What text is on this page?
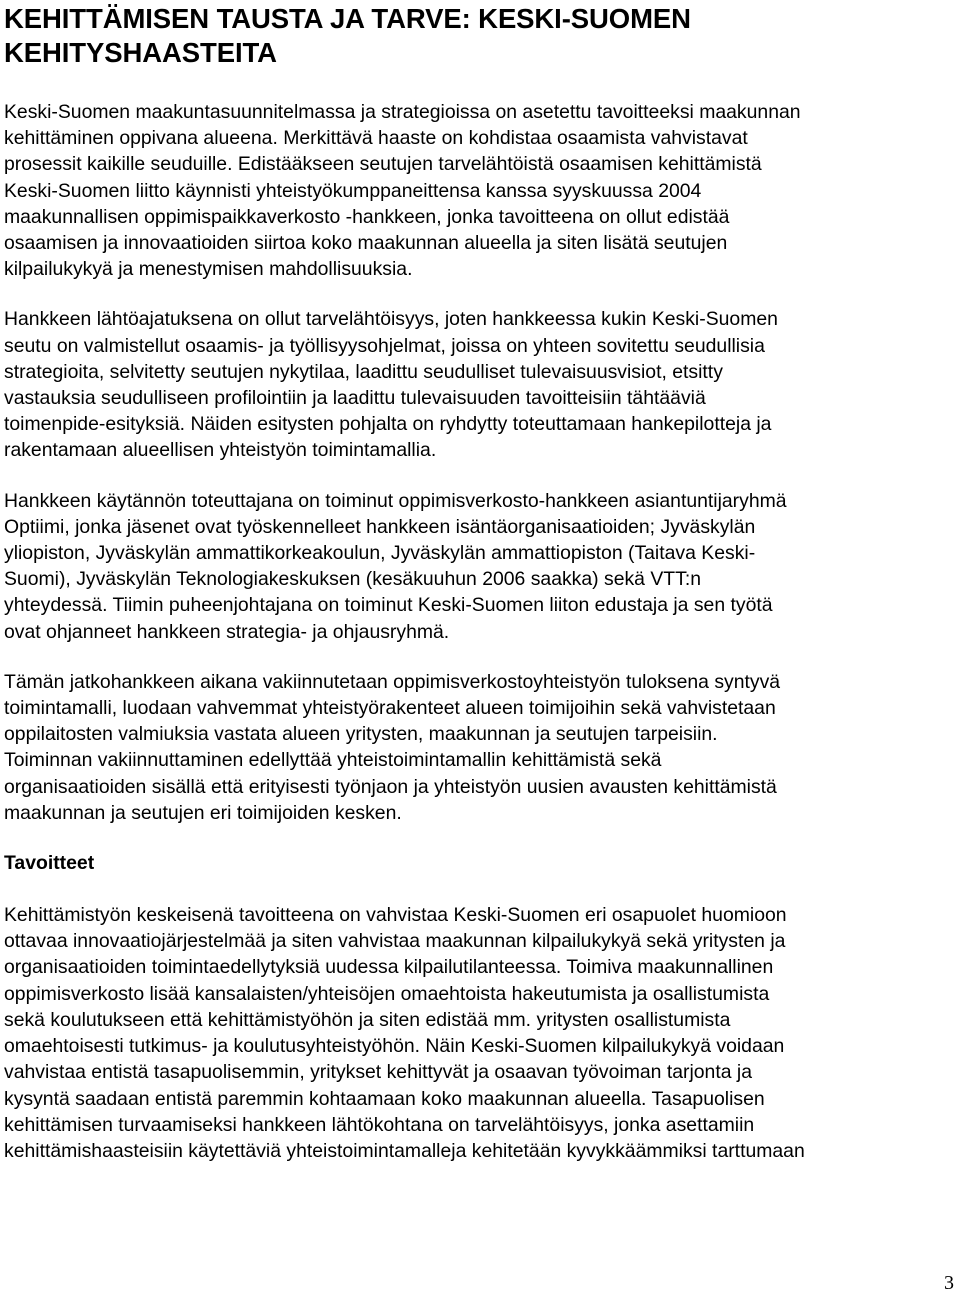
KEHITTÄMISEN TAUSTA JA TARVE: KESKI-SUOMEN
KEHITYSHAASTEITA

Keski-Suomen maakuntasuunnitelmassa ja strategioissa on asetettu tavoitteeksi maakunnan
kehittäminen oppivana alueena. Merkittävä haaste on kohdistaa osaamista vahvistavat
prosessit kaikille seuduille. Edistääkseen seutujen tarvelähtöistä osaamisen kehittämistä
Keski-Suomen liitto käynnisti yhteistyökumppaneittensa kanssa syyskuussa 2004
maakunnallisen oppimispaikkaverkosto -hankkeen, jonka tavoitteena on ollut edistää
osaamisen ja innovaatioiden siirtoa koko maakunnan alueella ja siten lisätä seutujen
kilpailukykyä ja menestymisen mahdollisuuksia.

Hankkeen lähtöajatuksena on ollut tarvelähtöisyys, joten hankkeessa kukin Keski-Suomen
seutu on valmistellut osaamis- ja työllisyysohjelmat, joissa on yhteen sovitettu seudullisia
strategioita, selvitetty seutujen nykytilaa, laadittu seudulliset tulevaisuusvisiot, etsitty
vastauksia seudulliseen profilointiin ja laadittu tulevaisuuden tavoitteisiin tähtääviä
toimenpide-esityksiä. Näiden esitysten pohjalta on ryhdytty toteuttamaan hankepilotteja ja
rakentamaan alueellisen yhteistyön toimintamallia.

Hankkeen käytännön toteuttajana on toiminut oppimisverkosto-hankkeen asiantuntijaryhmä
Optiimi, jonka jäsenet ovat työskennelleet hankkeen isäntäorganisaatioiden; Jyväskylän
yliopiston, Jyväskylän ammattikorkeakoulun, Jyväskylän ammattiopiston (Taitava Keski-
Suomi), Jyväskylän Teknologiakeskuksen (kesäkuuhun 2006 saakka) sekä VTT:n
yhteydessä. Tiimin puheenjohtajana on toiminut Keski-Suomen liiton edustaja ja sen työtä
ovat ohjanneet hankkeen strategia- ja ohjausryhmä.

Tämän jatkohankkeen aikana vakiinnutetaan oppimisverkostoyhteistyön tuloksena syntyvä
toimintamalli, luodaan vahvemmat yhteistyörakenteet alueen toimijoihin sekä vahvistetaan
oppilaitosten valmiuksia vastata alueen yritysten, maakunnan ja seutujen tarpeisiin.
Toiminnan vakiinnuttaminen edellyttää yhteistoimintamallin kehittämistä sekä
organisaatioiden sisällä että erityisesti työnjaon ja yhteistyön uusien avausten kehittämistä
maakunnan ja seutujen eri toimijoiden kesken.

Tavoitteet

Kehittämistyön keskeisenä tavoitteena on vahvistaa Keski-Suomen eri osapuolet huomioon
ottavaa innovaatiojärjestelmää ja siten vahvistaa maakunnan kilpailukykyä sekä yritysten ja
organisaatioiden toimintaedellytyksiä uudessa kilpailutilanteessa. Toimiva maakunnallinen
oppimisverkosto lisää kansalaisten/yhteisöjen omaehtoista hakeutumista ja osallistumista
sekä koulutukseen että kehittämistyöhön ja siten edistää mm. yritysten osallistumista
omaehtoisesti tutkimus- ja koulutusyhteistyöhön. Näin Keski-Suomen kilpailukykyä voidaan
vahvistaa entistä tasapuolisemmin, yritykset kehittyvät ja osaavan työvoiman tarjonta ja
kysyntä saadaan entistä paremmin kohtaamaan koko maakunnan alueella. Tasapuolisen
kehittämisen turvaamiseksi hankkeen lähtökohtana on tarvelähtöisyys, jonka asettamiin
kehittämishaasteisiin käytettäviä yhteistoimintamalleja kehitetään kyvykkäämmiksi tarttumaan

3
